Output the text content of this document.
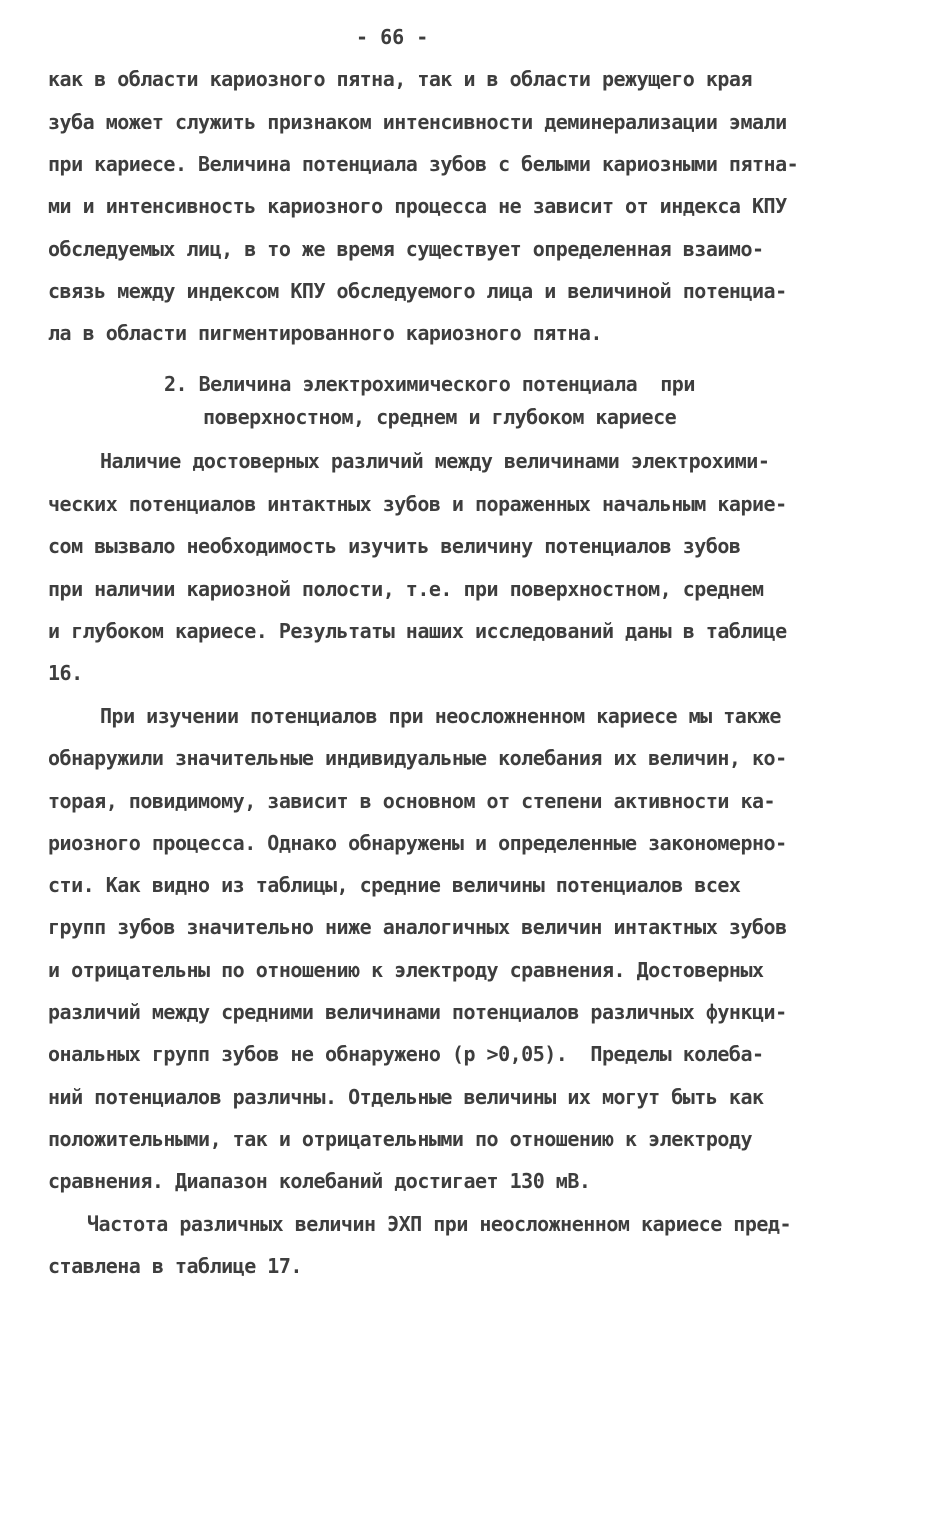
- 66 -
как в области кариозного пятна, так и в области режущего края
зуба может служить признаком интенсивности деминерализации эмали
при кариесе. Величина потенциала зубов с белыми кариозными пятна-
ми и интенсивность кариозного процесса не зависит от индекса КПУ
обследуемых лиц, в то же время существует определенная взаимо-
связь между индексом КПУ обследуемого лица и величиной потенциа-
ла в области пигментированного кариозного пятна.
2. Величина электрохимического потенциала  при
поверхностном, среднем и глубоком кариесе
Наличие достоверных различий между величинами электрохими-
ческих потенциалов интактных зубов и пораженных начальным карие-
сом вызвало необходимость изучить величину потенциалов зубов
при наличии кариозной полости, т.е. при поверхностном, среднем
и глубоком кариесе. Результаты наших исследований даны в таблице
16.
При изучении потенциалов при неосложненном кариесе мы также
обнаружили значительные индивидуальные колебания их величин, ко-
торая, повидимому, зависит в основном от степени активности ка-
риозного процесса. Однако обнаружены и определенные закономерно-
сти. Как видно из таблицы, средние величины потенциалов всех
групп зубов значительно ниже аналогичных величин интактных зубов
и отрицательны по отношению к электроду сравнения. Достоверных
различий между средними величинами потенциалов различных функци-
ональных групп зубов не обнаружено (р >0,05).  Пределы колеба-
ний потенциалов различны. Отдельные величины их могут быть как
положительными, так и отрицательными по отношению к электроду
сравнения. Диапазон колебаний достигает 130 мВ.
Частота различных величин ЭХП при неосложненном кариесе пред-
ставлена в таблице 17.
